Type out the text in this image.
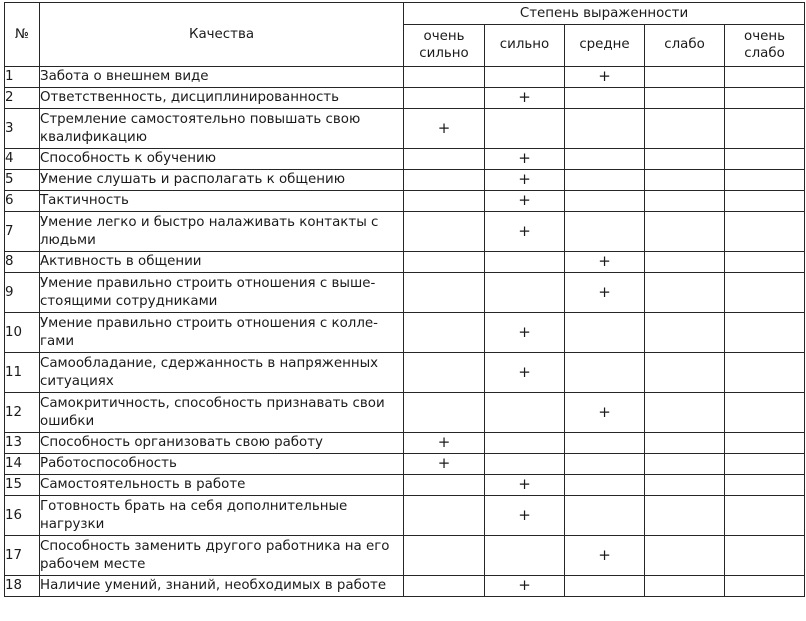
№	Качества	Степень выраженности				
		очень сильно	сильно	средне	слабо	очень слабо
1	Забота о внешнем виде			+		
2	Ответственность, дисциплинированность		+			
3	Стремление самостоятельно повышать свою квалификацию	+				
4	Способность к обучению		+			
5	Умение слушать и располагать к общению		+			
6	Тактичность		+			
7	Умение легко и быстро налаживать контакты с людьми		+			
8	Активность в общении			+		
9	Умение правильно строить отношения с выше-стоящими сотрудниками			+		
10	Умение правильно строить отношения с колле-гами		+			
11	Самообладание, сдержанность в напряженных ситуациях		+			
12	Самокритичность, способность признавать свои ошибки			+		
13	Способность организовать свою работу	+				
14	Работоспособность	+				
15	Самостоятельность в работе		+			
16	Готовность брать на себя дополнительные нагрузки		+			
17	Способность заменить другого работника на его рабочем месте			+		
18	Наличие умений, знаний, необходимых в работе		+			
